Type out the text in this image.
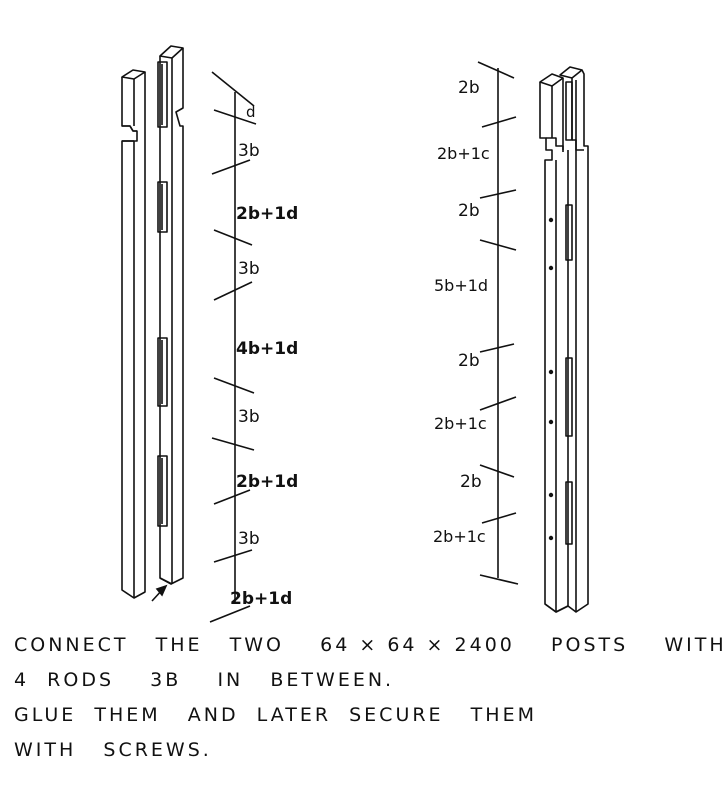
d
3b
2b+1d
3b
4b+1d
3b
2b+1d
3b
2b+1d
2b
2b+1c
2b
5b+1d
2b
2b+1c
2b
2b+1c
CONNECT   THE   TWO    64 × 64 × 2400    POSTS    WITH
4  RODS    3B    IN   BETWEEN.
GLUE  THEM   AND  LATER  SECURE   THEM
WITH   SCREWS.
